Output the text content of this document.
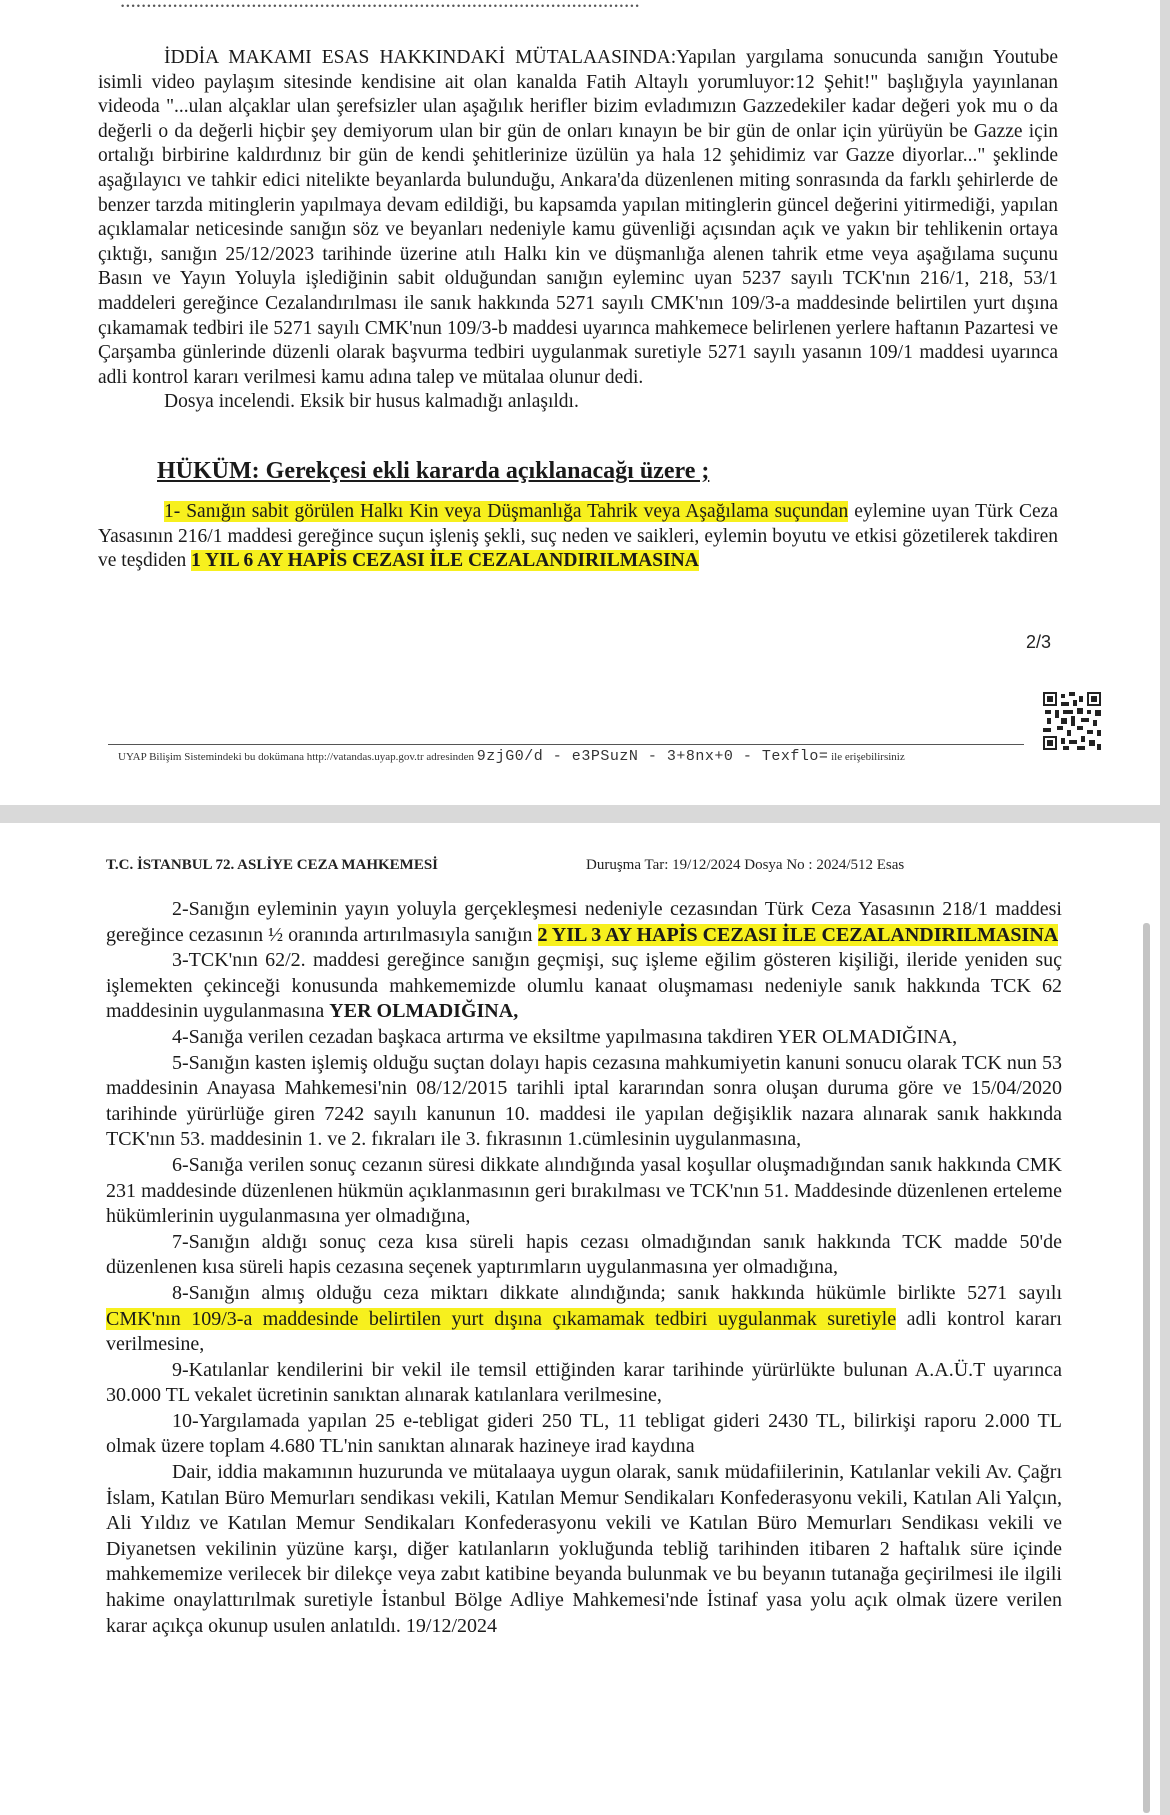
...................................................................................................

İDDİA MAKAMI ESAS HAKKINDAKİ MÜTALAASINDA:Yapılan yargılama sonucunda sanığın Youtube isimli video paylaşım sitesinde kendisine ait olan kanalda Fatih Altaylı yorumluyor:12 Şehit!" başlığıyla yayınlanan videoda "...ulan alçaklar ulan şerefsizler ulan aşağılık herifler bizim evladımızın Gazzedekiler kadar değeri yok mu o da değerli o da değerli hiçbir şey demiyorum ulan bir gün de onları kınayın be bir gün de onlar için yürüyün be Gazze için ortalığı birbirine kaldırdınız bir gün de kendi şehitlerinize üzülün ya hala 12 şehidimiz var Gazze diyorlar..." şeklinde aşağılayıcı ve tahkir edici nitelikte beyanlarda bulunduğu, Ankara'da düzenlenen miting sonrasında da farklı şehirlerde de benzer tarzda mitinglerin yapılmaya devam edildiği, bu kapsamda yapılan mitinglerin güncel değerini yitirmediği, yapılan açıklamalar neticesinde sanığın söz ve beyanları nedeniyle kamu güvenliği açısından açık ve yakın bir tehlikenin ortaya çıktığı, sanığın 25/12/2023 tarihinde üzerine atılı Halkı kin ve düşmanlığa alenen tahrik etme veya aşağılama suçunu Basın ve Yayın Yoluyla işlediğinin sabit olduğundan sanığın eyleminc uyan 5237 sayılı TCK'nın 216/1, 218, 53/1 maddeleri gereğince Cezalandırılması ile sanık hakkında 5271 sayılı CMK'nın 109/3-a maddesinde belirtilen yurt dışına çıkamamak tedbiri ile 5271 sayılı CMK'nun 109/3-b maddesi uyarınca mahkemece belirlenen yerlere haftanın Pazartesi ve Çarşamba günlerinde düzenli olarak başvurma tedbiri uygulanmak suretiyle 5271 sayılı yasanın 109/1 maddesi uyarınca adli kontrol kararı verilmesi kamu adına talep ve mütalaa olunur dedi.

Dosya incelendi. Eksik bir husus kalmadığı anlaşıldı.

HÜKÜM: Gerekçesi ekli kararda açıklanacağı üzere ;

1- Sanığın sabit görülen Halkı Kin veya Düşmanlığa Tahrik veya Aşağılama suçundan eylemine uyan Türk Ceza Yasasının 216/1 maddesi gereğince suçun işleniş şekli, suç neden ve saikleri, eylemin boyutu ve etkisi gözetilerek takdiren ve teşdiden 1 YIL 6 AY HAPİS CEZASI İLE CEZALANDIRILMASINA

2/3
UYAP Bilişim Sistemindeki bu dokümana http://vatandas.uyap.gov.tr adresinden 9zjG0/d - e3PSuzN - 3+8nx+0 - Texflo= ile erişebilirsiniz
T.C. İSTANBUL 72. ASLİYE CEZA MAHKEMESİ	Duruşma Tar: 19/12/2024 Dosya No : 2024/512 Esas

2-Sanığın eyleminin yayın yoluyla gerçekleşmesi nedeniyle cezasından Türk Ceza Yasasının 218/1 maddesi gereğince cezasının ½ oranında artırılmasıyla sanığın 2 YIL 3 AY HAPİS CEZASI İLE CEZALANDIRILMASINA

3-TCK'nın 62/2. maddesi gereğince sanığın geçmişi, suç işleme eğilim gösteren kişiliği, ileride yeniden suç işlemekten çekinceği konusunda mahkememizde olumlu kanaat oluşmaması nedeniyle sanık hakkında TCK 62 maddesinin uygulanmasına YER OLMADIĞINA,

4-Sanığa verilen cezadan başkaca artırma ve eksiltme yapılmasına takdiren YER OLMADIĞINA,

5-Sanığın kasten işlemiş olduğu suçtan dolayı hapis cezasına mahkumiyetin kanuni sonucu olarak TCK nun 53 maddesinin Anayasa Mahkemesi'nin 08/12/2015 tarihli iptal kararından sonra oluşan duruma göre ve 15/04/2020 tarihinde yürürlüğe giren 7242 sayılı kanunun 10. maddesi ile yapılan değişiklik nazara alınarak sanık hakkında TCK'nın 53. maddesinin 1. ve 2. fıkraları ile 3. fıkrasının 1.cümlesinin uygulanmasına,

6-Sanığa verilen sonuç cezanın süresi dikkate alındığında yasal koşullar oluşmadığından sanık hakkında CMK 231 maddesinde düzenlenen hükmün açıklanmasının geri bırakılması ve TCK'nın 51. Maddesinde düzenlenen erteleme hükümlerinin uygulanmasına yer olmadığına,

7-Sanığın aldığı sonuç ceza kısa süreli hapis cezası olmadığından sanık hakkında TCK madde 50'de düzenlenen kısa süreli hapis cezasına seçenek yaptırımların uygulanmasına yer olmadığına,

8-Sanığın almış olduğu ceza miktarı dikkate alındığında; sanık hakkında hükümle birlikte 5271 sayılı CMK'nın 109/3-a maddesinde belirtilen yurt dışına çıkamamak tedbiri uygulanmak suretiyle adli kontrol kararı verilmesine,

9-Katılanlar kendilerini bir vekil ile temsil ettiğinden karar tarihinde yürürlükte bulunan A.A.Ü.T uyarınca 30.000 TL vekalet ücretinin sanıktan alınarak katılanlara verilmesine,

10-Yargılamada yapılan 25 e-tebligat gideri 250 TL, 11 tebligat gideri 2430 TL, bilirkişi raporu 2.000 TL olmak üzere toplam 4.680 TL'nin sanıktan alınarak hazineye irad kaydına

Dair, iddia makamının huzurunda ve mütalaaya uygun olarak, sanık müdafiilerinin, Katılanlar vekili Av. Çağrı İslam, Katılan Büro Memurları sendikası vekili, Katılan Memur Sendikaları Konfederasyonu vekili, Katılan Ali Yalçın, Ali Yıldız ve Katılan Memur Sendikaları Konfederasyonu vekili ve Katılan Büro Memurları Sendikası vekili ve Diyanetsen vekilinin yüzüne karşı, diğer katılanların yokluğunda tebliğ tarihinden itibaren 2 haftalık süre içinde mahkememize verilecek bir dilekçe veya zabıt katibine beyanda bulunmak ve bu beyanın tutanağa geçirilmesi ile ilgili hakime onaylattırılmak suretiyle İstanbul Bölge Adliye Mahkemesi'nde İstinaf yasa yolu açık olmak üzere verilen karar açıkça okunup usulen anlatıldı. 19/12/2024

15:18
